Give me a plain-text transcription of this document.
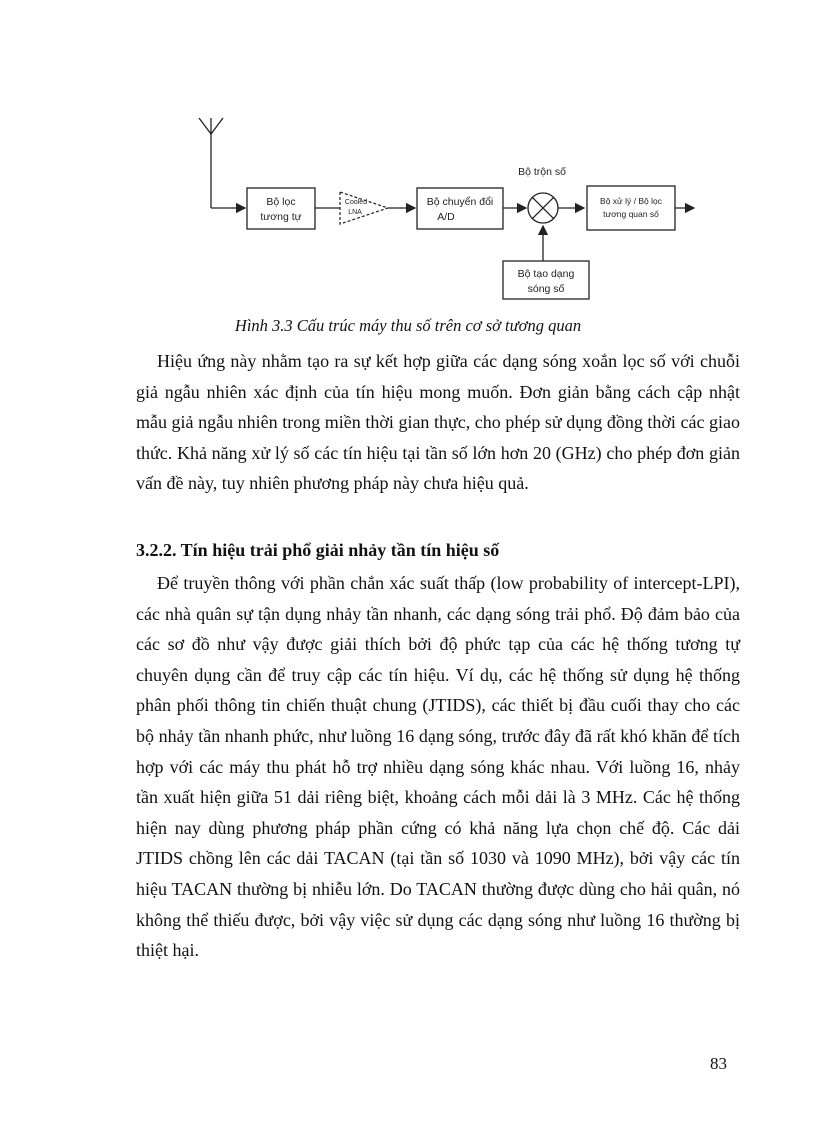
Bộ lọc
tương tự
Cooled
LNA
Bộ chuyển đổi
A/D
Bộ trộn số
Bộ xử lý / Bộ lọc
tương quan số
Bộ tạo dạng
sóng số
Hình 3.3 Cấu trúc máy thu số trên cơ sở tương quan
Hiệu ứng này nhằm tạo ra sự kết hợp giữa các dạng sóng xoắn lọc số với chuỗi giả ngẫu nhiên xác định của tín hiệu mong muốn. Đơn giản bằng cách cập nhật mẫu giả ngẫu nhiên trong miền thời gian thực, cho phép sử dụng đồng thời các giao thức. Khả năng xử lý số các tín hiệu tại tần số lớn hơn 20 (GHz) cho phép đơn giản vấn đề này, tuy nhiên phương pháp này chưa hiệu quả.
3.2.2. Tín hiệu trải phổ giải nhảy tần tín hiệu số
Để truyền thông với phần chắn xác suất thấp (low probability of intercept-LPI), các nhà quân sự tận dụng nhảy tần nhanh, các dạng sóng trải phổ. Độ đảm bảo của các sơ đồ như vậy được giải thích bởi độ phức tạp của các hệ thống tương tự chuyên dụng cần để truy cập các tín hiệu. Ví dụ, các hệ thống sử dụng hệ thống phân phối thông tin chiến thuật chung (JTIDS), các thiết bị đầu cuối thay cho các bộ nhảy tần nhanh phức, như luồng 16 dạng sóng, trước đây đã rất khó khăn để tích hợp với các máy thu phát hỗ trợ nhiều dạng sóng khác nhau. Với luồng 16, nhảy tần xuất hiện giữa 51 dải riêng biệt, khoảng cách mỗi dải là 3 MHz. Các hệ thống hiện nay dùng phương pháp phần cứng có khả năng lựa chọn chế độ. Các dải JTIDS chồng lên các dải TACAN (tại tần số 1030 và 1090 MHz), bởi vậy các tín hiệu TACAN thường bị nhiễu lớn. Do TACAN thường được dùng cho hải quân, nó không thể thiếu được, bởi vậy việc sử dụng các dạng sóng như luồng 16 thường bị thiệt hại.
83
